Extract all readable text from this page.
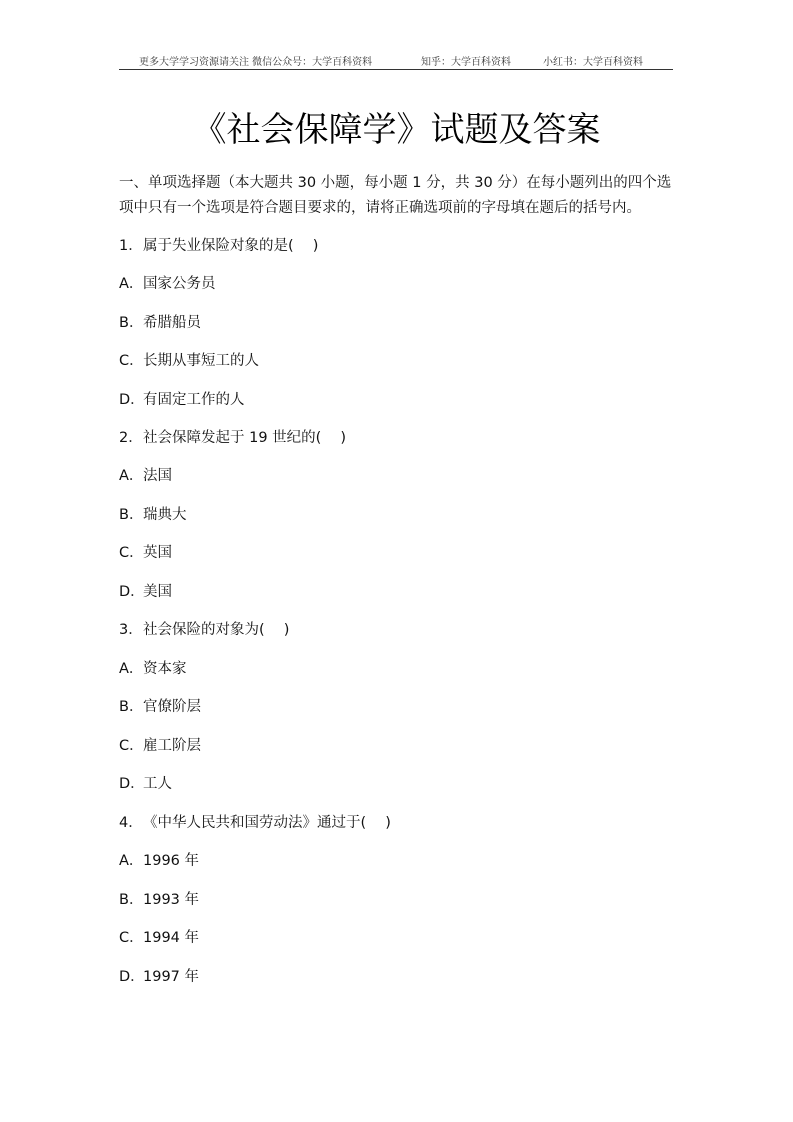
更多大学学习资源请关注 微信公众号：大学百科资料	知乎：大学百科资料	小红书：大学百科资料
《社会保障学》试题及答案

一、单项选择题（本大题共 30 小题，每小题 1 分，共 30 分）在每小题列出的四个选项中只有一个选项是符合题目要求的，请将正确选项前的字母填在题后的括号内。

1．属于失业保险对象的是(　 )
A．国家公务员
B．希腊船员
C．长期从事短工的人
D．有固定工作的人
2．社会保障发起于 19 世纪的(　 )
A．法国
B．瑞典大
C．英国
D．美国
3．社会保险的对象为(　 )
A．资本家
B．官僚阶层
C．雇工阶层
D．工人
4．《中华人民共和国劳动法》通过于(　 )
A．1996 年
B．1993 年
C．1994 年
D．1997 年
